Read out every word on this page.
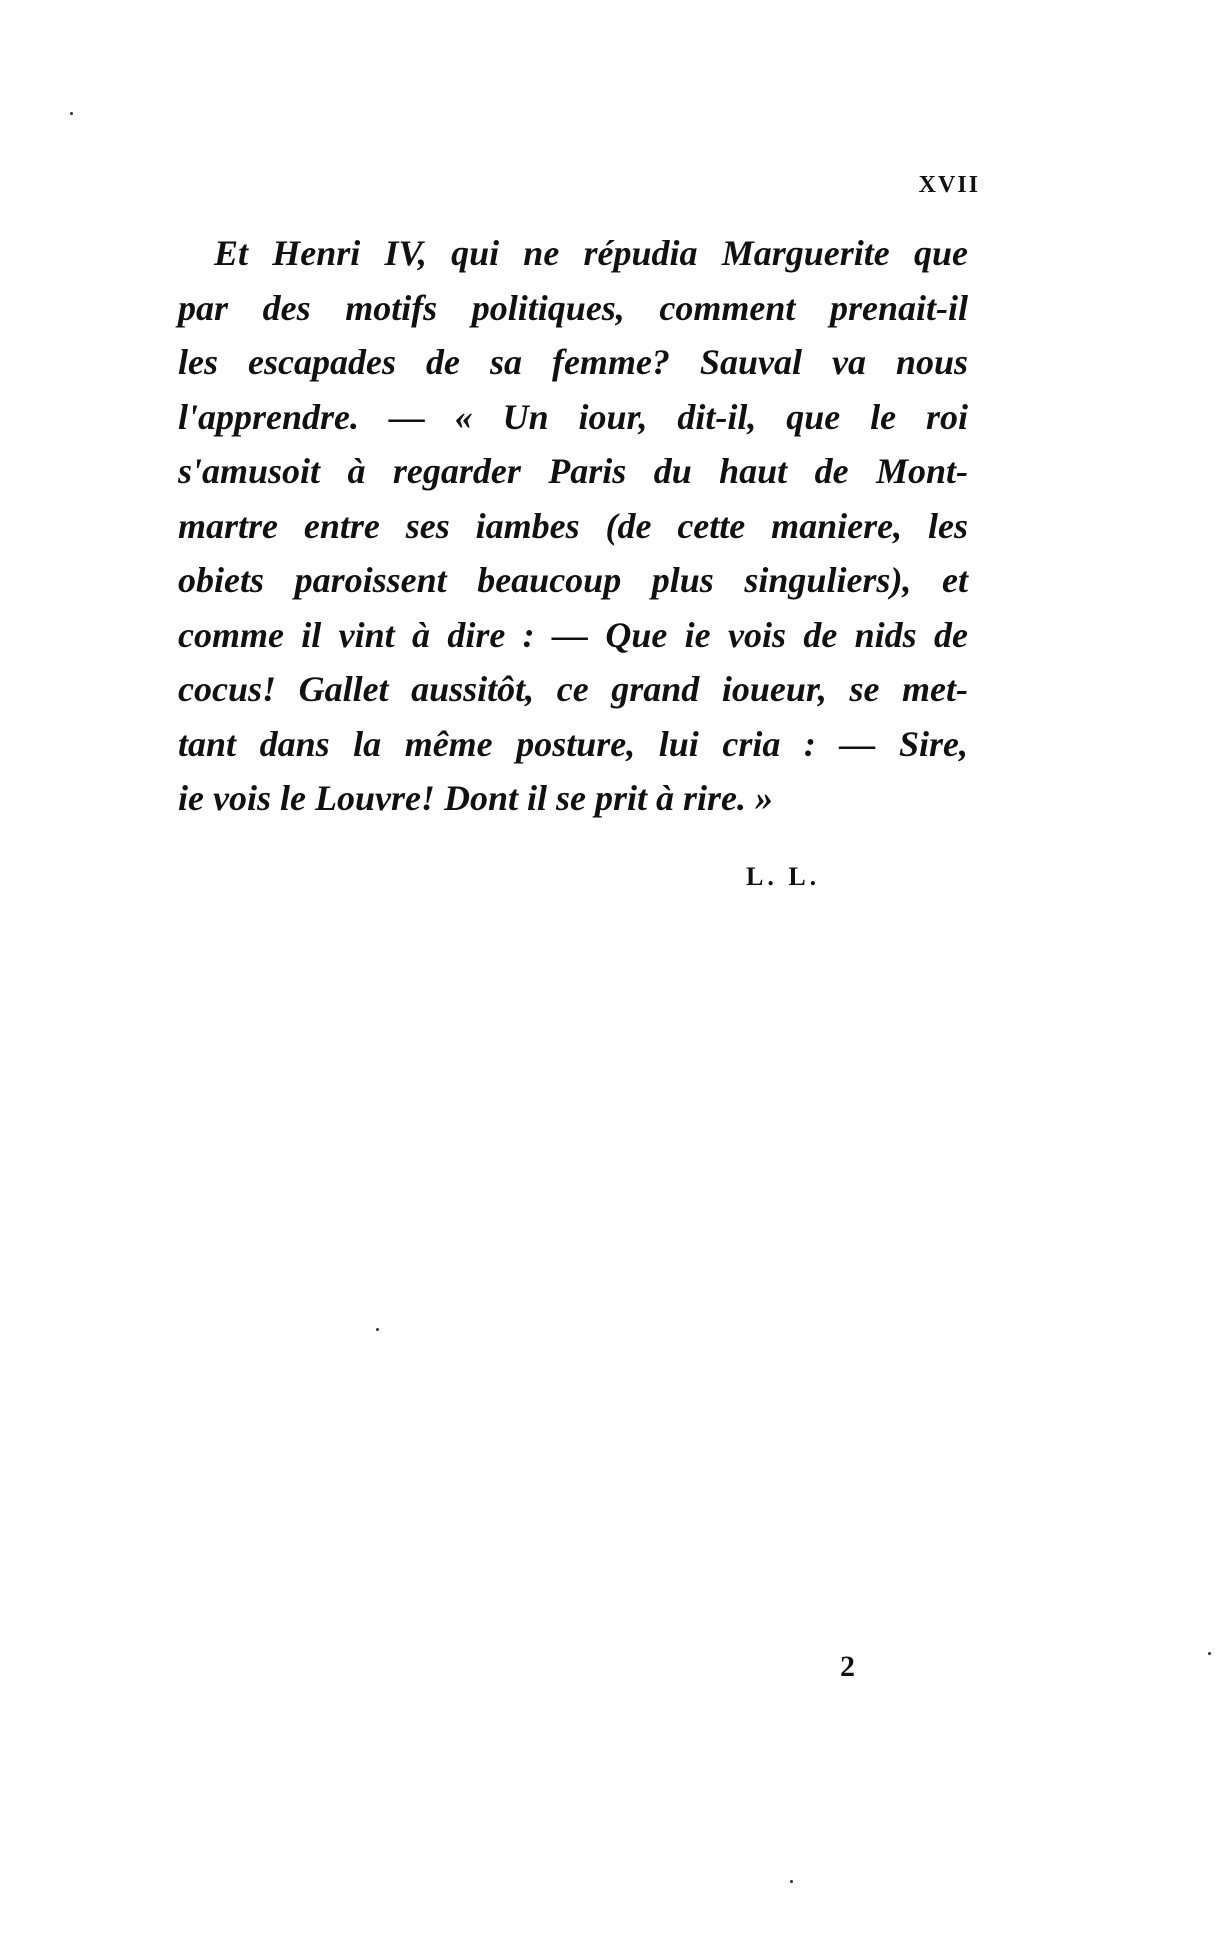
XVII
Et Henri IV, qui ne répudia Marguerite que
par des motifs politiques, comment prenait-il
les escapades de sa femme? Sauval va nous
l'apprendre. — « Un iour, dit-il, que le roi
s'amusoit à regarder Paris du haut de Mont-
martre entre ses iambes (de cette maniere, les
obiets paroissent beaucoup plus singuliers), et
comme il vint à dire : — Que ie vois de nids de
cocus! Gallet aussitôt, ce grand ioueur, se met-
tant dans la même posture, lui cria : — Sire,
ie vois le Louvre! Dont il se prit à rire. »
L. L.
2
